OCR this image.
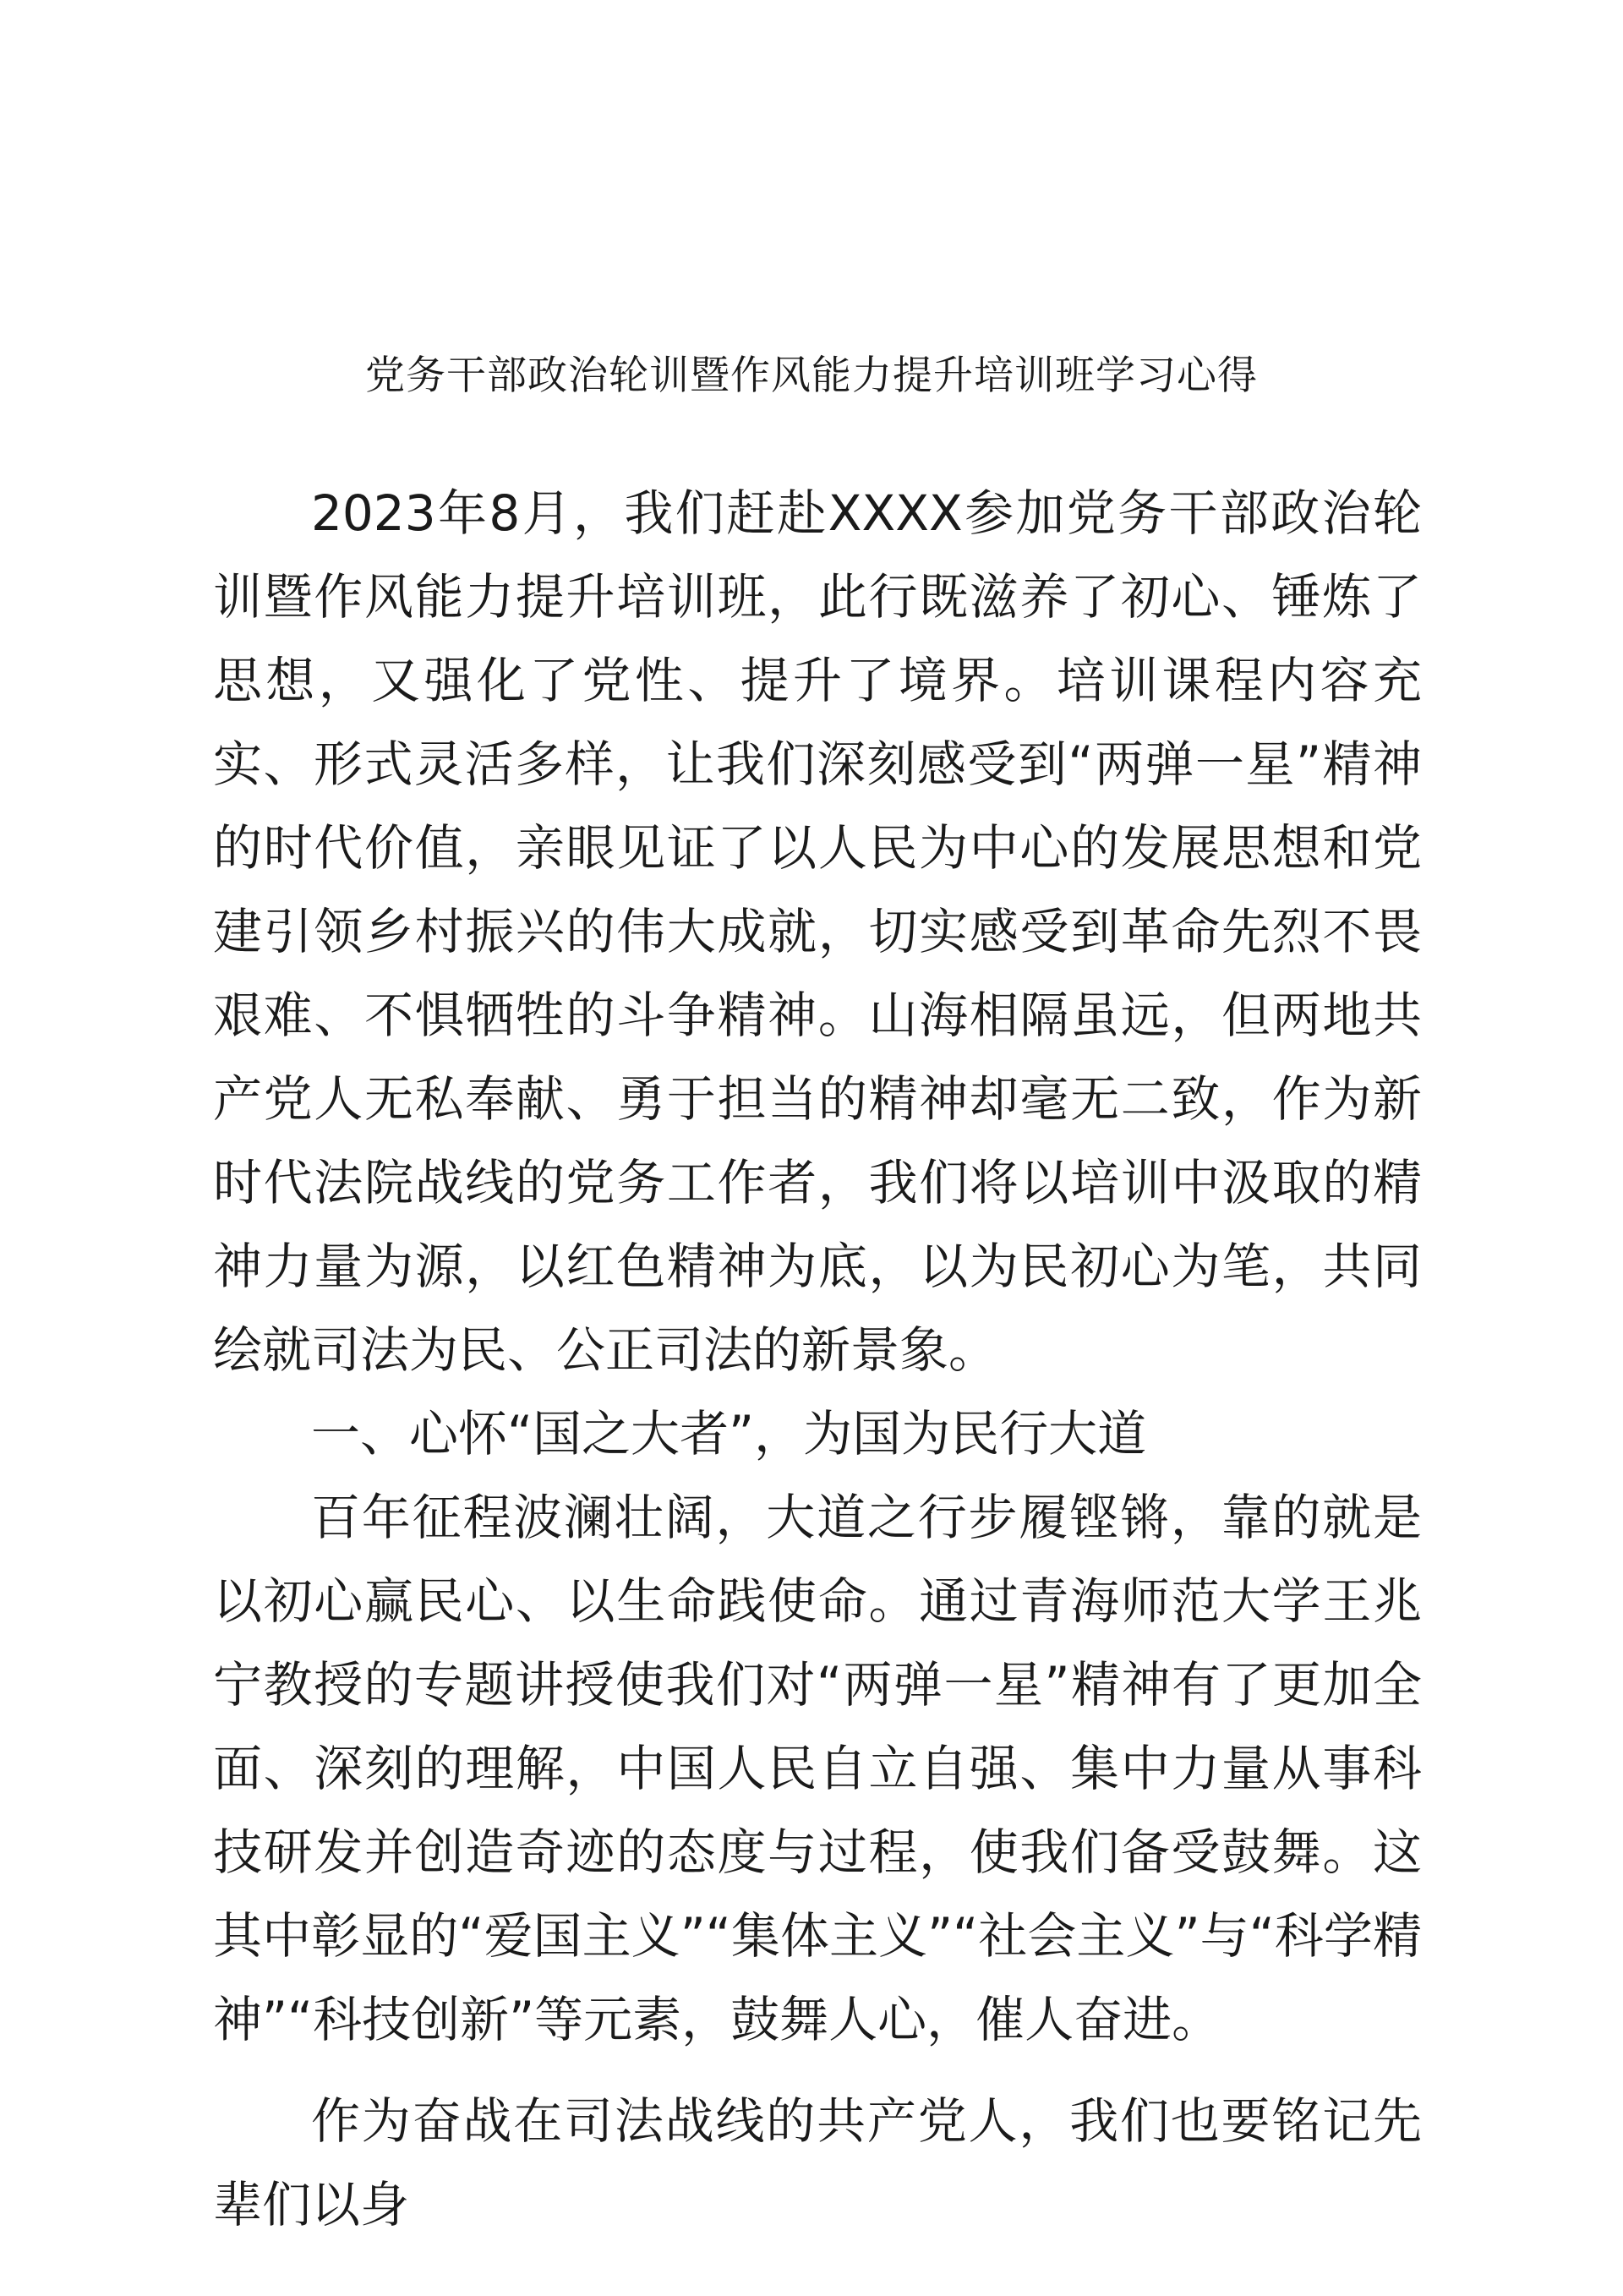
党务干部政治轮训暨作风能力提升培训班学习心得

2023年8月，我们赶赴XXXX参加党务干部政治轮训暨作风能力提升培训班，此行既滋养了初心、锤炼了思想，又强化了党性、提升了境界。培训课程内容充实、形式灵活多样，让我们深刻感受到“两弹一星”精神的时代价值，亲眼见证了以人民为中心的发展思想和党建引领乡村振兴的伟大成就，切实感受到革命先烈不畏艰难、不惧牺牲的斗争精神。山海相隔虽远，但两地共产党人无私奉献、勇于担当的精神却毫无二致，作为新时代法院战线的党务工作者，我们将以培训中汲取的精神力量为源，以红色精神为底，以为民初心为笔，共同绘就司法为民、公正司法的新景象。

一、心怀“国之大者”，为国为民行大道

百年征程波澜壮阔，大道之行步履铿锵，靠的就是以初心赢民心、以生命践使命。通过青海师范大学王兆宁教授的专题讲授使我们对“两弹一星”精神有了更加全面、深刻的理解，中国人民自立自强、集中力量从事科技研发并创造奇迹的态度与过程，使我们备受鼓舞。这其中彰显的“爱国主义”“集体主义”“社会主义”与“科学精神”“科技创新”等元素，鼓舞人心，催人奋进。

作为奋战在司法战线的共产党人，我们也要铭记先辈们以身
